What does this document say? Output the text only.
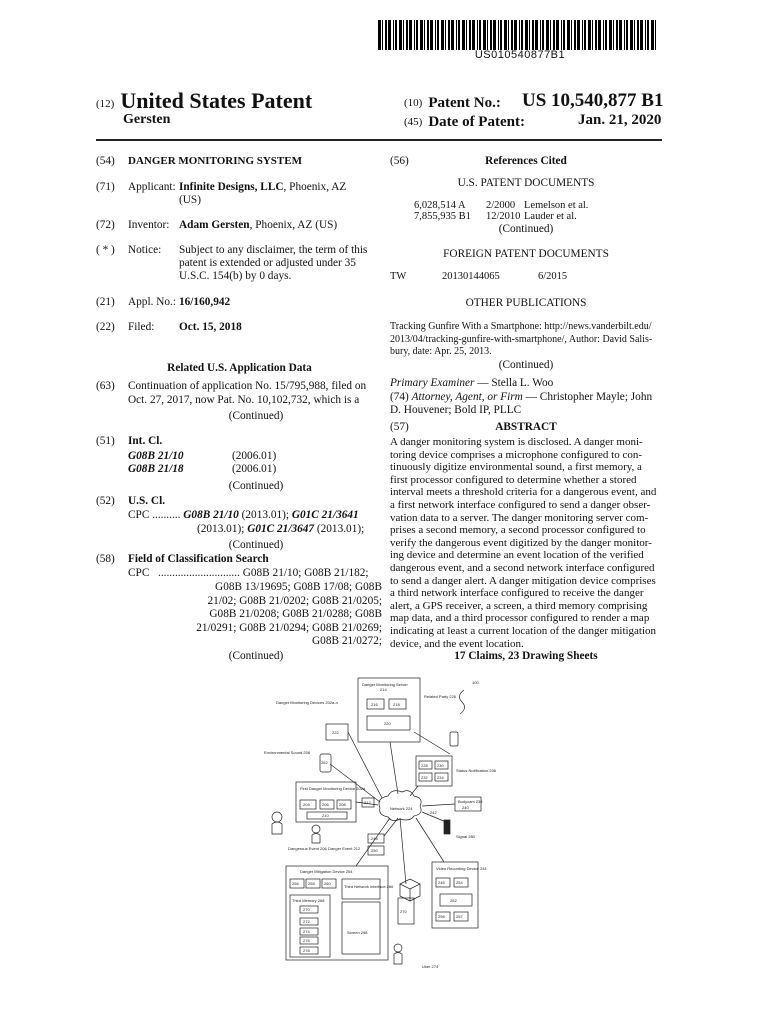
US010540877B1
(12) United States Patent
Gersten
(10) Patent No.: US 10,540,877 B1
(45) Date of Patent:	Jan. 21, 2020
(54) DANGER MONITORING SYSTEM
(71) Applicant: Infinite Designs, LLC, Phoenix, AZ
(US)
(72) Inventor: Adam Gersten, Phoenix, AZ (US)
( * ) Notice: Subject to any disclaimer, the term of this
patent is extended or adjusted under 35
U.S.C. 154(b) by 0 days.
(21) Appl. No.: 16/160,942
(22) Filed: Oct. 15, 2018
Related U.S. Application Data
(63) Continuation of application No. 15/795,988, filed on
Oct. 27, 2017, now Pat. No. 10,102,732, which is a
(Continued)
(51) Int. Cl.
G08B 21/10	(2006.01)
G08B 21/18	(2006.01)
(Continued)
(52) U.S. Cl.
CPC .......... G08B 21/10 (2013.01); G01C 21/3641
(2013.01); G01C 21/3647 (2013.01);
(Continued)
(58) Field of Classification Search
CPC ............................. G08B 21/10; G08B 21/182;
G08B 13/19695; G08B 17/08; G08B
21/02; G08B 21/0202; G08B 21/0205;
G08B 21/0208; G08B 21/0288; G08B
21/0291; G08B 21/0294; G08B 21/0269;
G08B 21/0272;
(Continued)
(56)	References Cited
U.S. PATENT DOCUMENTS
6,028,514 A 2/2000 Lemelson et al.
7,855,935 B1 12/2010 Lauder et al.
(Continued)
FOREIGN PATENT DOCUMENTS
TW	20130144065	6/2015
OTHER PUBLICATIONS
Tracking Gunfire With a Smartphone: http://news.vanderbilt.edu/
2013/04/tracking-gunfire-with-smartphone/, Author: David Salis-
bury, date: Apr. 25, 2013.
(Continued)
Primary Examiner — Stella L. Woo
(74) Attorney, Agent, or Firm — Christopher Mayle; John
D. Houvener; Bold IP, PLLC
(57)	ABSTRACT
A danger monitoring system is disclosed. A danger moni-
toring device comprises a microphone configured to con-
tinuously digitize environmental sound, a first memory, a
first processor configured to determine whether a stored
interval meets a threshold criteria for a dangerous event, and
a first network interface configured to send a danger obser-
vation data to a server. The danger monitoring server com-
prises a second memory, a second processor configured to
verify the dangerous event digitized by the danger monitor-
ing device and determine an event location of the verified
dangerous event, and a second network interface configured
to send a danger alert. A danger mitigation device comprises
a third network interface configured to receive the danger
alert, a GPS receiver, a screen, a third memory comprising
map data, and a third processor configured to render a map
indicating at least a current location of the danger mitigation
device, and the event location.
17 Claims, 23 Drawing Sheets
100
Danger Monitoring Server
214
216	218
220
Related Party 226
Danger Monitoring Devices 202a-n
222
Environmental Sound 208
262
First Danger Monitoring Device 202a
204	206	208
210
212
Network 224
228 230
232 234
Status Notification 236
Bodycam 238
240
242
Signal 280
Dangerous Event 206 Danger Event 212
248
250
Danger Mitigation Device 254
256 258 260
Third Network Interface 266
Third Memory 268
270
272
274
276
278
Screen 298
270
Video Recording Device 244
246	254
252
256	257
User 274
